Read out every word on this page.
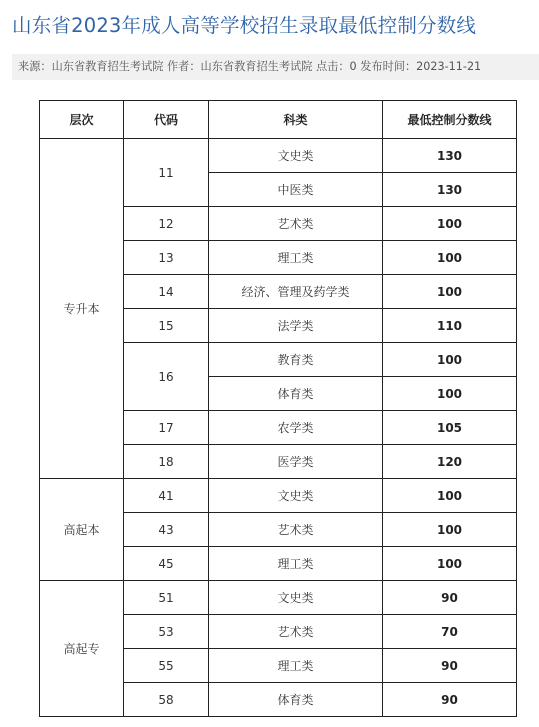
山东省2023年成人高等学校招生录取最低控制分数线
来源：山东省教育招生考试院 作者：山东省教育招生考试院 点击：0 发布时间：2023-11-21
层次	代码	科类	最低控制分数线
专升本	11	文史类	130
		中医类	130
	12	艺术类	100
	13	理工类	100
	14	经济、管理及药学类	100
	15	法学类	110
	16	教育类	100
		体育类	100
	17	农学类	105
	18	医学类	120
高起本	41	文史类	100
	43	艺术类	100
	45	理工类	100
高起专	51	文史类	90
	53	艺术类	70
	55	理工类	90
	58	体育类	90
